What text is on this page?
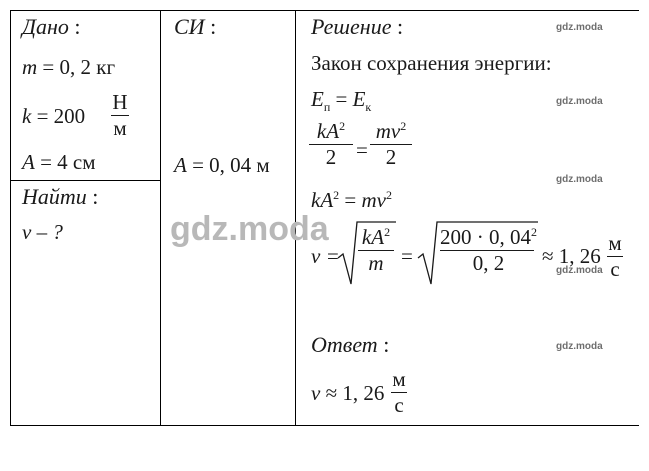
Дано :
m = 0, 2 кг
k = 200
Н
м
A = 4 см
Найти :
v – ?
СИ :
A = 0, 04 м
Решение :
Закон сохранения энергии:
$E_п = E_к$
$kA^2$
2 =
$mv^2$
2
$kA^2 = mv^2$
v =
$kA^2$
m =
200 · 0, $04^2$
0, 2	≈ 1, 26
м
с
Ответ :
v ≈ 1, 26
м
с
gdz.moda
gdz.moda
gdz.moda
gdz.moda
gdz.moda
gdz.moda
